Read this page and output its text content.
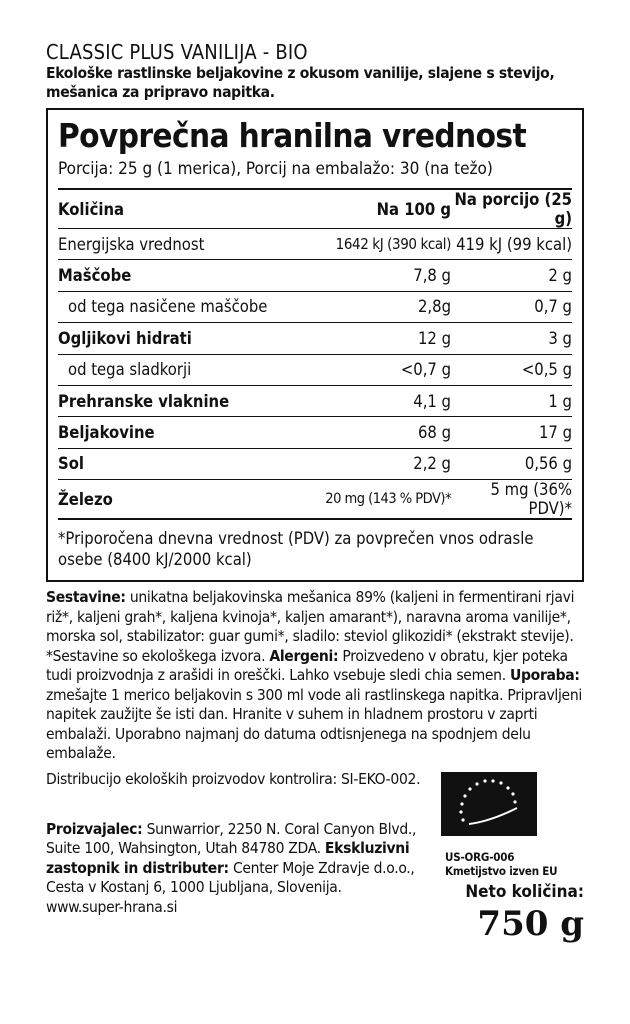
CLASSIC PLUS VANILIJA - BIO
Ekološke rastlinske beljakovine z okusom vanilije, slajene s stevijo, mešanica za pripravo napitka.
Povprečna hranilna vrednost
Porcija: 25 g (1 merica), Porcij na embalažo: 30 (na težo)
Količina	Na 100 g	Na porcijo (25 g)
Energijska vrednost	1642 kJ (390 kcal)	419 kJ (99 kcal)
Maščobe	7,8 g	2 g
od tega nasičene maščobe	2,8g	0,7 g
Ogljikovi hidrati	12 g	3 g
od tega sladkorji	<0,7 g	<0,5 g
Prehranske vlaknine	4,1 g	1 g
Beljakovine	68 g	17 g
Sol	2,2 g	0,56 g
Železo	20 mg (143 % PDV)*	5 mg (36% PDV)*
*Priporočena dnevna vrednost (PDV) za povprečen vnos odrasle osebe (8400 kJ/2000 kcal)
Sestavine: unikatna beljakovinska mešanica 89% (kaljeni in fermentirani rjavi riž*, kaljeni grah*, kaljena kvinoja*, kaljen amarant*), naravna aroma vanilije*, morska sol, stabilizator: guar gumi*, sladilo: steviol glikozidi* (ekstrakt stevije).
*Sestavine so ekološkega izvora. Alergeni: Proizvedeno v obratu, kjer poteka tudi proizvodnja z arašidi in oreščki. Lahko vsebuje sledi chia semen. Uporaba: zmešajte 1 merico beljakovin s 300 ml vode ali rastlinskega napitka. Pripravljeni napitek zaužijte še isti dan. Hranite v suhem in hladnem prostoru v zaprti embalaži. Uporabno najmanj do datuma odtisnjenega na spodnjem delu embalaže.
Distribucijo ekoloških proizvodov kontrolira: SI-EKO-002.
Proizvajalec: Sunwarrior, 2250 N. Coral Canyon Blvd., Suite 100, Wahsington, Utah 84780 ZDA. Ekskluzivni zastopnik in distributer: Center Moje Zdravje d.o.o., Cesta v Kostanj 6, 1000 Ljubljana, Slovenija.
www.super-hrana.si
US-ORG-006
Kmetijstvo izven EU
Neto količina:
750 g
